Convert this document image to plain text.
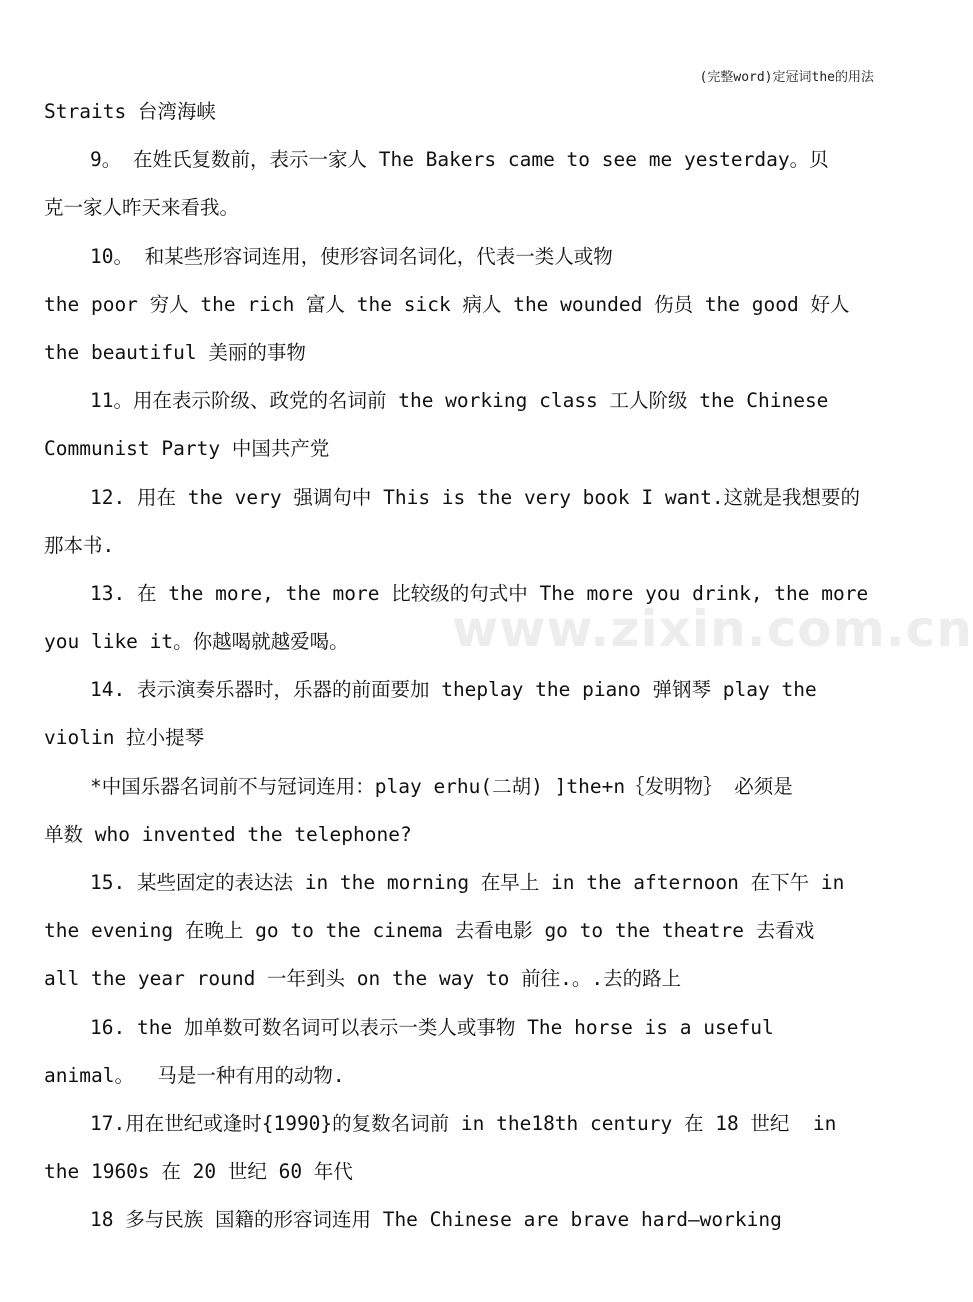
(完整word)定冠词the的用法
www.zixin.com.cn
Straits 台湾海峡
9。 在姓氏复数前，表示一家人 The Bakers came to see me yesterday。贝
克一家人昨天来看我。
10。 和某些形容词连用，使形容词名词化，代表一类人或物
the poor 穷人 the rich 富人 the sick 病人 the wounded 伤员 the good 好人
the beautiful 美丽的事物
11。用在表示阶级、政党的名词前 the working class 工人阶级 the Chinese
Communist Party 中国共产党
12. 用在 the very 强调句中 This is the very book I want.这就是我想要的
那本书.
13. 在 the more, the more 比较级的句式中 The more you drink, the more
you like it。你越喝就越爱喝。
14. 表示演奏乐器时，乐器的前面要加 theplay the piano 弹钢琴 play the
violin 拉小提琴
*中国乐器名词前不与冠词连用：play erhu(二胡) ]the+n｛发明物｝ 必须是
单数 who invented the telephone?
15. 某些固定的表达法 in the morning 在早上 in the afternoon 在下午 in
the evening 在晚上 go to the cinema 去看电影 go to the theatre 去看戏
all the year round 一年到头 on the way to 前往.。.去的路上
16. the 加单数可数名词可以表示一类人或事物 The horse is a useful
animal。  马是一种有用的动物.
17.用在世纪或逢时{1990}的复数名词前 in the18th century 在 18 世纪  in
the 1960s 在 20 世纪 60 年代
18 多与民族 国籍的形容词连用 The Chinese are brave hard—working
